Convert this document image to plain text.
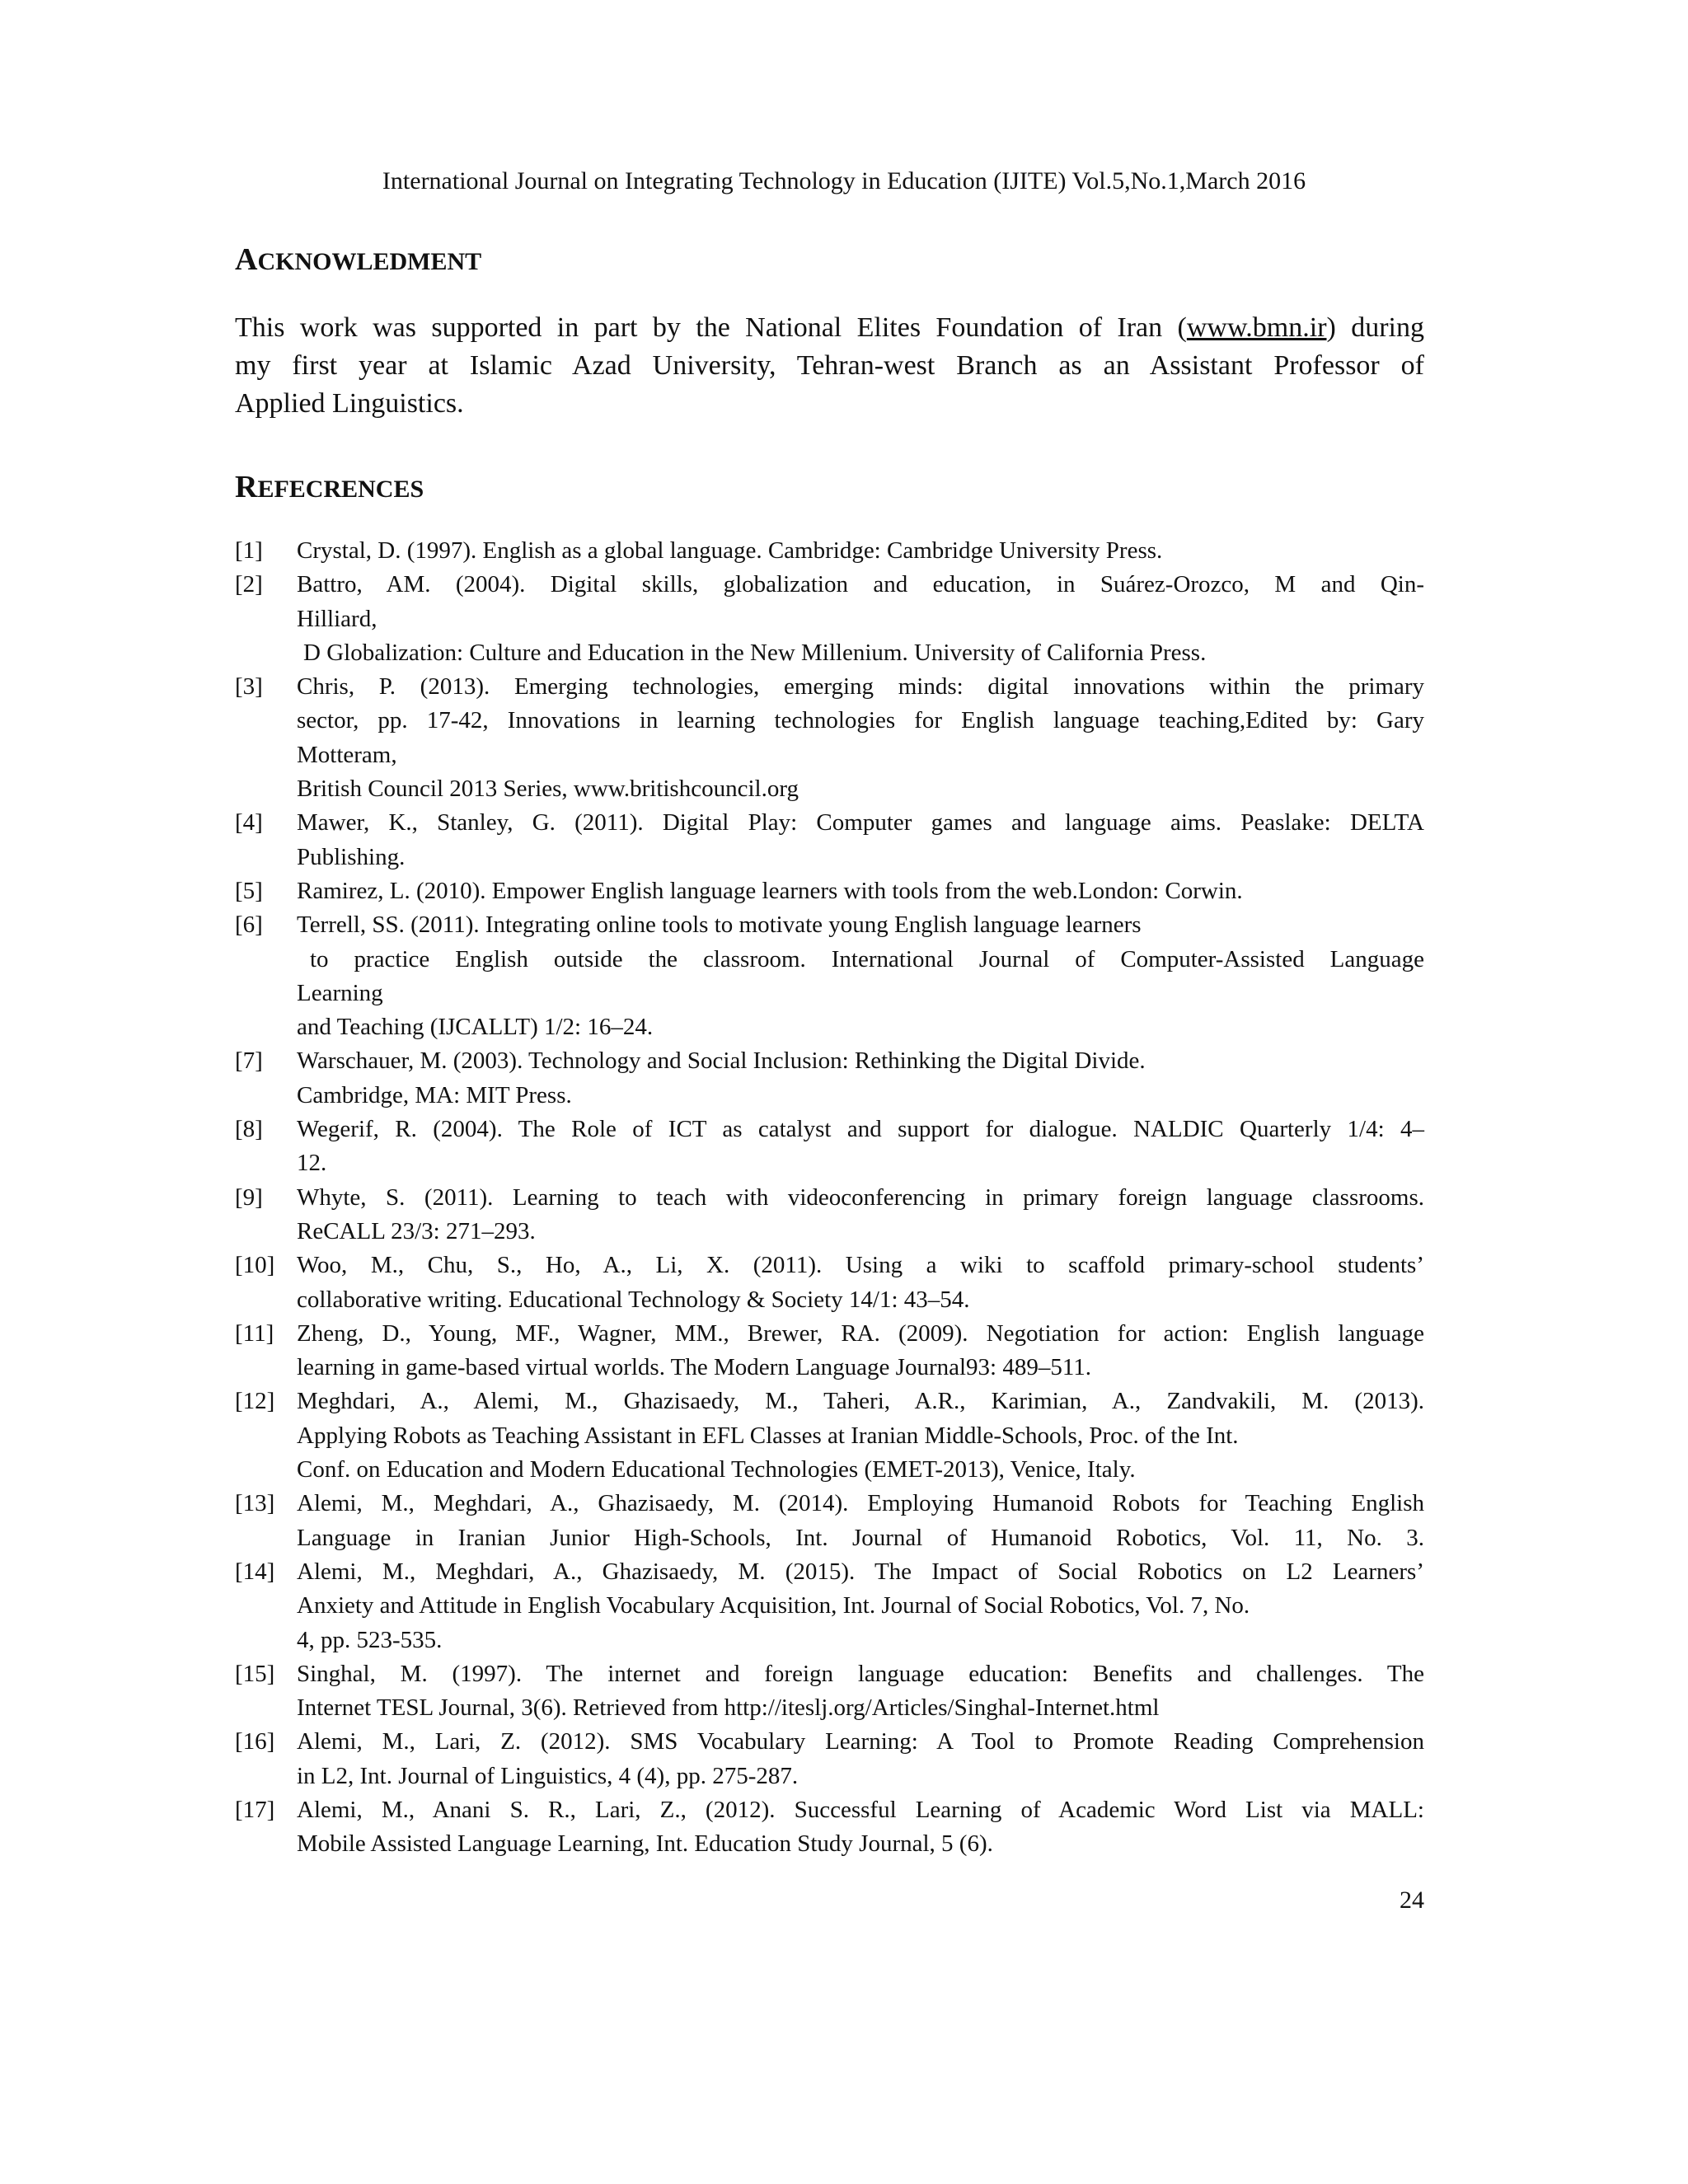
International Journal on Integrating Technology in Education (IJITE) Vol.5,No.1,March 2016
ACKNOWLEDMENT
This work was supported in part by the National Elites Foundation of Iran (www.bmn.ir) during
my first year at Islamic Azad University, Tehran-west Branch as an Assistant Professor of
Applied Linguistics.
REFECRENCES
[1] Crystal, D. (1997). English as a global language. Cambridge: Cambridge University Press.
[2] Battro, AM. (2004). Digital skills, globalization and education, in Suárez-Orozco, M and Qin-
Hilliard,
D Globalization: Culture and Education in the New Millenium. University of California Press.
[3] Chris, P. (2013). Emerging technologies, emerging minds: digital innovations within the primary
sector, pp. 17-42, Innovations in learning technologies for English language teaching,Edited by: Gary
Motteram,
British Council 2013 Series, www.britishcouncil.org
[4] Mawer, K., Stanley, G. (2011). Digital Play: Computer games and language aims. Peaslake: DELTA
Publishing.
[5] Ramirez, L. (2010). Empower English language learners with tools from the web.London: Corwin.
[6] Terrell, SS. (2011). Integrating online tools to motivate young English language learners
to practice English outside the classroom. International Journal of Computer-Assisted Language
Learning
and Teaching (IJCALLT) 1/2: 16–24.
[7] Warschauer, M. (2003). Technology and Social Inclusion: Rethinking the Digital Divide.
Cambridge, MA: MIT Press.
[8] Wegerif, R. (2004). The Role of ICT as catalyst and support for dialogue. NALDIC Quarterly 1/4: 4–
12.
[9] Whyte, S. (2011). Learning to teach with videoconferencing in primary foreign language classrooms.
ReCALL 23/3: 271–293.
[10] Woo, M., Chu, S., Ho, A., Li, X. (2011). Using a wiki to scaffold primary-school students’
collaborative writing. Educational Technology & Society 14/1: 43–54.
[11] Zheng, D., Young, MF., Wagner, MM., Brewer, RA. (2009). Negotiation for action: English language
learning in game-based virtual worlds. The Modern Language Journal93: 489–511.
[12] Meghdari, A., Alemi, M., Ghazisaedy, M., Taheri, A.R., Karimian, A., Zandvakili, M. (2013).
Applying Robots as Teaching Assistant in EFL Classes at Iranian Middle-Schools, Proc. of the Int.
Conf. on Education and Modern Educational Technologies (EMET-2013), Venice, Italy.
[13] Alemi, M., Meghdari, A., Ghazisaedy, M. (2014). Employing Humanoid Robots for Teaching English
Language in Iranian Junior High-Schools, Int. Journal of Humanoid Robotics, Vol. 11, No. 3.
[14] Alemi, M., Meghdari, A., Ghazisaedy, M. (2015). The Impact of Social Robotics on L2 Learners’
Anxiety and Attitude in English Vocabulary Acquisition, Int. Journal of Social Robotics, Vol. 7, No.
4, pp. 523-535.
[15] Singhal, M. (1997). The internet and foreign language education: Benefits and challenges. The
Internet TESL Journal, 3(6). Retrieved from http://iteslj.org/Articles/Singhal-Internet.html
[16] Alemi, M., Lari, Z. (2012). SMS Vocabulary Learning: A Tool to Promote Reading Comprehension
in L2, Int. Journal of Linguistics, 4 (4), pp. 275-287.
[17] Alemi, M., Anani S. R., Lari, Z., (2012). Successful Learning of Academic Word List via MALL:
Mobile Assisted Language Learning, Int. Education Study Journal, 5 (6).
24
